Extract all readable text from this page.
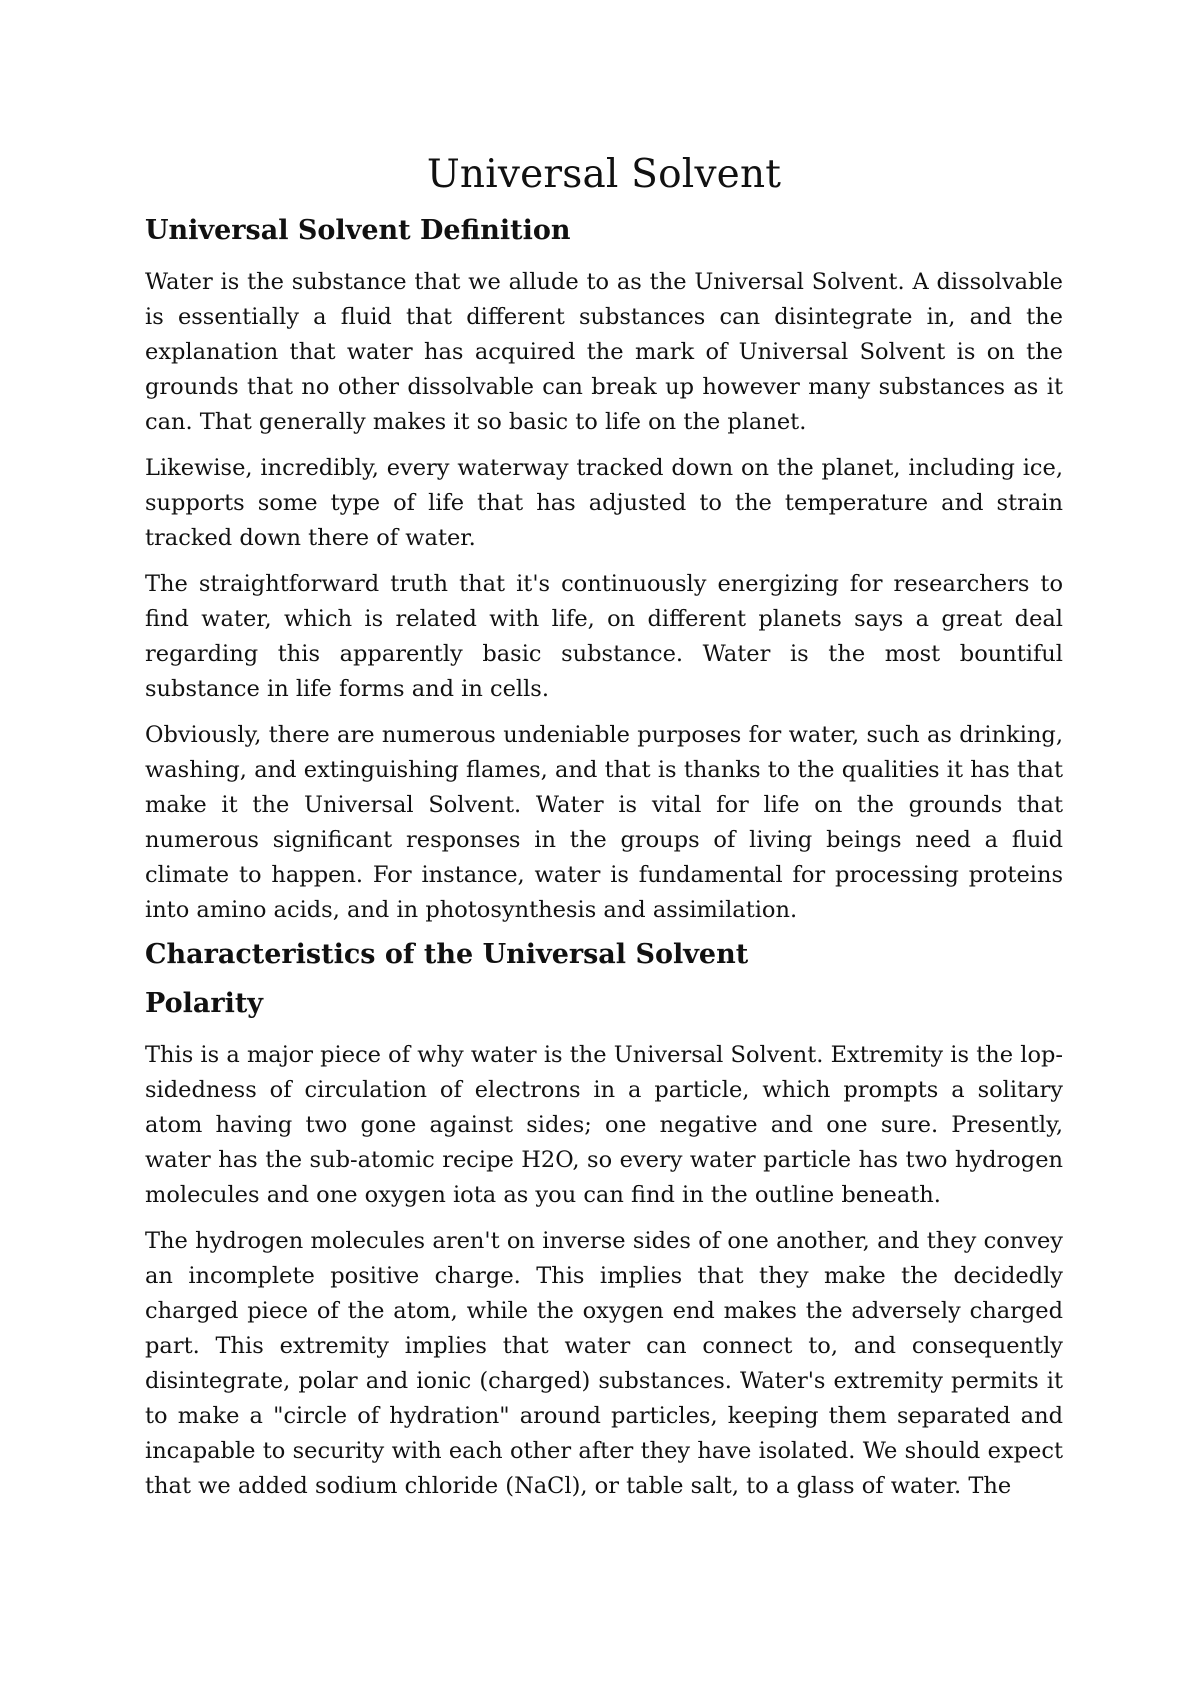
Universal Solvent
Universal Solvent Definition

Water is the substance that we allude to as the Universal Solvent. A dissolvable is essentially a fluid that different substances can disintegrate in, and the explanation that water has acquired the mark of Universal Solvent is on the grounds that no other dissolvable can break up however many substances as it can. That generally makes it so basic to life on the planet.

Likewise, incredibly, every waterway tracked down on the planet, including ice, supports some type of life that has adjusted to the temperature and strain tracked down there of water.

The straightforward truth that it's continuously energizing for researchers to find water, which is related with life, on different planets says a great deal regarding this apparently basic substance. Water is the most bountiful substance in life forms and in cells.

Obviously, there are numerous undeniable purposes for water, such as drinking, washing, and extinguishing flames, and that is thanks to the qualities it has that make it the Universal Solvent. Water is vital for life on the grounds that numerous significant responses in the groups of living beings need a fluid climate to happen. For instance, water is fundamental for processing proteins into amino acids, and in photosynthesis and assimilation.

Characteristics of the Universal Solvent
Polarity

This is a major piece of why water is the Universal Solvent. Extremity is the lop-sidedness of circulation of electrons in a particle, which prompts a solitary atom having two gone against sides; one negative and one sure. Presently, water has the sub-atomic recipe H2O, so every water particle has two hydrogen molecules and one oxygen iota as you can find in the outline beneath.

The hydrogen molecules aren't on inverse sides of one another, and they convey an incomplete positive charge. This implies that they make the decidedly charged piece of the atom, while the oxygen end makes the adversely charged part. This extremity implies that water can connect to, and consequently disintegrate, polar and ionic (charged) substances. Water's extremity permits it to make a "circle of hydration" around particles, keeping them separated and incapable to security with each other after they have isolated. We should expect that we added sodium chloride (NaCl), or table salt, to a glass of water. The
